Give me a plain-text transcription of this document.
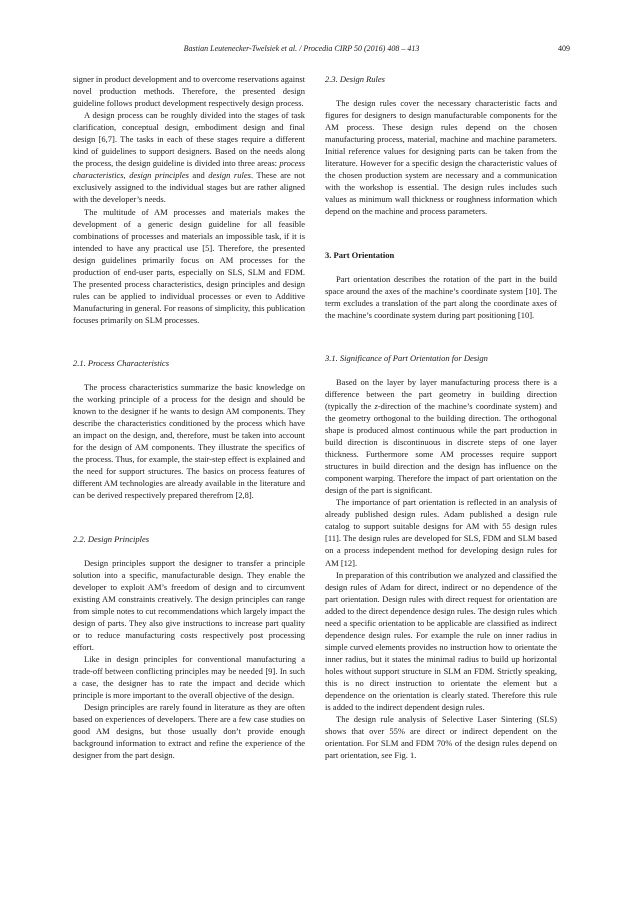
Bastian Leutenecker-Twelsiek et al. / Procedia CIRP 50 (2016) 408 – 413	409

signer in product development and to overcome reservations against novel production methods. Therefore, the presented design guideline follows product development respectively design process.

A design process can be roughly divided into the stages of task clarification, conceptual design, embodiment design and final design [6,7]. The tasks in each of these stages require a different kind of guidelines to support designers. Based on the needs along the process, the design guideline is divided into three areas: process characteristics, design principles and design rules. These are not exclusively assigned to the individual stages but are rather aligned with the developer’s needs.

The multitude of AM processes and materials makes the development of a generic design guideline for all feasible combinations of processes and materials an impossible task, if it is intended to have any practical use [5]. Therefore, the presented design guidelines primarily focus on AM processes for the production of end-user parts, especially on SLS, SLM and FDM. The presented process characteristics, design principles and design rules can be applied to individual processes or even to Additive Manufacturing in general. For reasons of simplicity, this publication focuses primarily on SLM processes.

2.1. Process Characteristics

The process characteristics summarize the basic knowledge on the working principle of a process for the design and should be known to the designer if he wants to design AM components. They describe the characteristics conditioned by the process which have an impact on the design, and, therefore, must be taken into account for the design of AM components. They illustrate the specifics of the process. Thus, for example, the stair-step effect is explained and the need for support structures. The basics on process features of different AM technologies are already available in the literature and can be derived respectively prepared therefrom [2,8].

2.2. Design Principles

Design principles support the designer to transfer a principle solution into a specific, manufacturable design. They enable the developer to exploit AM’s freedom of design and to circumvent existing AM constraints creatively. The design principles can range from simple notes to cut recommendations which largely impact the design of parts. They also give instructions to increase part quality or to reduce manufacturing costs respectively post processing effort.

Like in design principles for conventional manufacturing a trade-off between conflicting principles may be needed [9]. In such a case, the designer has to rate the impact and decide which principle is more important to the overall objective of the design.

Design principles are rarely found in literature as they are often based on experiences of developers. There are a few case studies on good AM designs, but those usually don’t provide enough background information to extract and refine the experience of the designer from the part design.

2.3. Design Rules

The design rules cover the necessary characteristic facts and figures for designers to design manufacturable components for the AM process. These design rules depend on the chosen manufacturing process, material, machine and machine parameters. Initial reference values for designing parts can be taken from the literature. However for a specific design the characteristic values of the chosen production system are necessary and a communication with the workshop is essential. The design rules includes such values as minimum wall thickness or roughness information which depend on the machine and process parameters.

3. Part Orientation

Part orientation describes the rotation of the part in the build space around the axes of the machine’s coordinate system [10]. The term excludes a translation of the part along the coordinate axes of the machine’s coordinate system during part positioning [10].

3.1. Significance of Part Orientation for Design

Based on the layer by layer manufacturing process there is a difference between the part geometry in building direction (typically the z-direction of the machine’s coordinate system) and the geometry orthogonal to the building direction. The orthogonal shape is produced almost continuous while the part production in build direction is discontinuous in discrete steps of one layer thickness. Furthermore some AM processes require support structures in build direction and the design has influence on the component warping. Therefore the impact of part orientation on the design of the part is significant.

The importance of part orientation is reflected in an analysis of already published design rules. Adam published a design rule catalog to support suitable designs for AM with 55 design rules [11]. The design rules are developed for SLS, FDM and SLM based on a process independent method for developing design rules for AM [12].

In preparation of this contribution we analyzed and classified the design rules of Adam for direct, indirect or no dependence of the part orientation. Design rules with direct request for orientation are added to the direct dependence design rules. The design rules which need a specific orientation to be applicable are classified as indirect dependence design rules. For example the rule on inner radius in simple curved elements provides no instruction how to orientate the inner radius, but it states the minimal radius to build up horizontal holes without support structure in SLM an FDM. Strictly speaking, this is no direct instruction to orientate the element but a dependence on the orientation is clearly stated. Therefore this rule is added to the indirect dependent design rules.

The design rule analysis of Selective Laser Sintering (SLS) shows that over 55% are direct or indirect dependent on the orientation. For SLM and FDM 70% of the design rules depend on part orientation, see Fig. 1.
